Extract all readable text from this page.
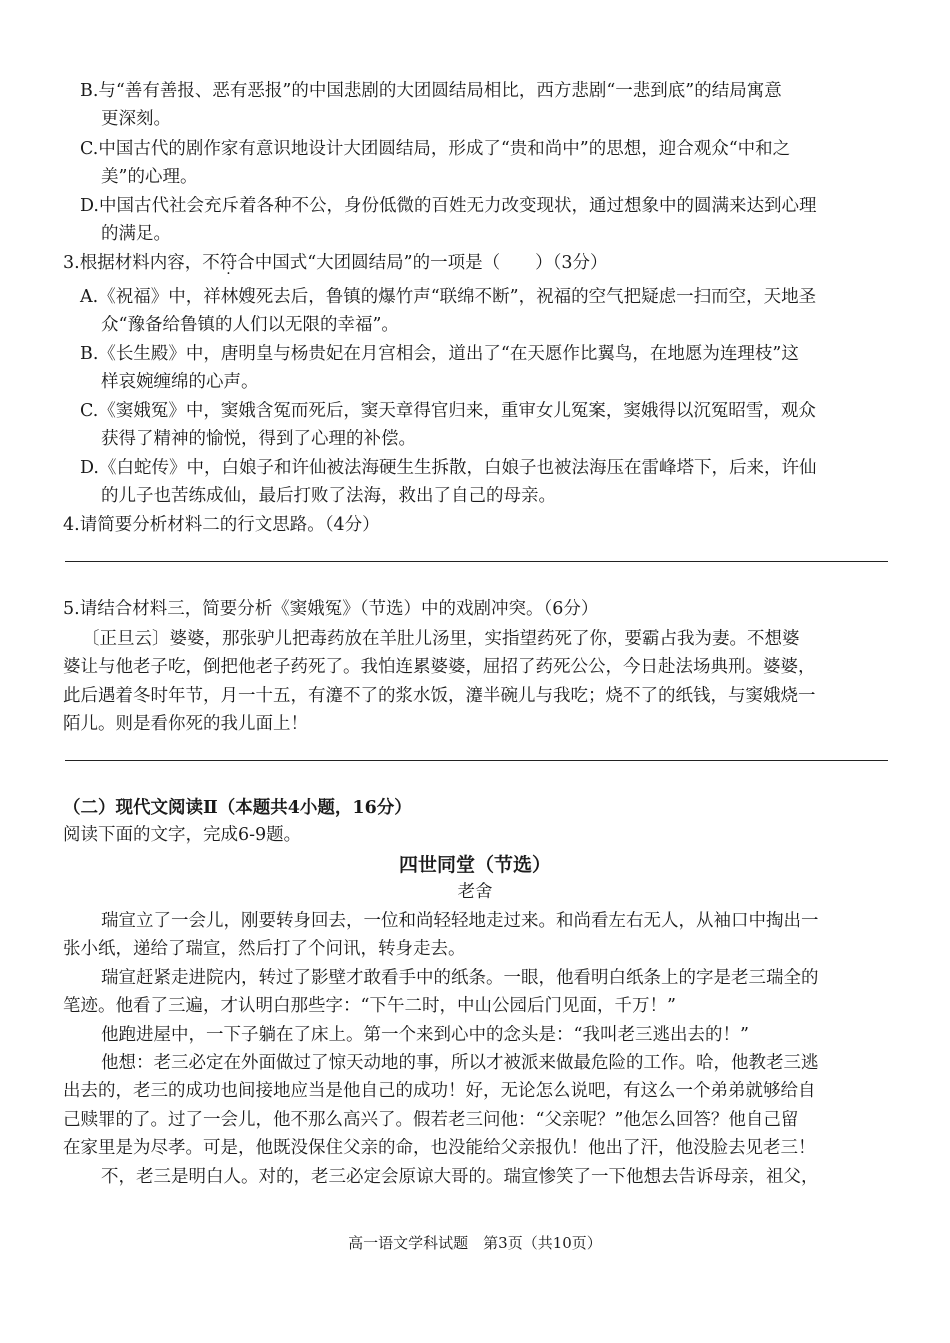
B.与“善有善报、恶有恶报”的中国悲剧的大团圆结局相比，西方悲剧“一悲到底”的结局寓意
更深刻。
C.中国古代的剧作家有意识地设计大团圆结局，形成了“贵和尚中”的思想，迎合观众“中和之
美”的心理。
D.中国古代社会充斥着各种不公，身份低微的百姓无力改变现状，通过想象中的圆满来达到心理
的满足。
3.根据材料内容，不符合中国式“大团圆结局”的一项是（　　）（3分）
A.《祝福》中，祥林嫂死去后，鲁镇的爆竹声“联绵不断”，祝福的空气把疑虑一扫而空，天地圣
众“豫备给鲁镇的人们以无限的幸福”。
B.《长生殿》中，唐明皇与杨贵妃在月宫相会，道出了“在天愿作比翼鸟，在地愿为连理枝”这
样哀婉缠绵的心声。
C.《窦娥冤》中，窦娥含冤而死后，窦天章得官归来，重审女儿冤案，窦娥得以沉冤昭雪，观众
获得了精神的愉悦，得到了心理的补偿。
D.《白蛇传》中，白娘子和许仙被法海硬生生拆散，白娘子也被法海压在雷峰塔下，后来，许仙
的儿子也苦练成仙，最后打败了法海，救出了自己的母亲。
4.请简要分析材料二的行文思路。（4分）
5.请结合材料三，简要分析《窦娥冤》（节选）中的戏剧冲突。（6分）
〔正旦云〕婆婆，那张驴儿把毒药放在羊肚儿汤里，实指望药死了你，要霸占我为妻。不想婆
婆让与他老子吃，倒把他老子药死了。我怕连累婆婆，屈招了药死公公，今日赴法场典刑。婆婆，
此后遇着冬时年节，月一十五，有瀽不了的浆水饭，瀽半碗儿与我吃；烧不了的纸钱，与窦娥烧一
陌儿。则是看你死的我儿面上！
（二）现代文阅读Ⅱ（本题共4小题，16分）
阅读下面的文字，完成6-9题。
四世同堂（节选）
老舍
瑞宣立了一会儿，刚要转身回去，一位和尚轻轻地走过来。和尚看左右无人，从袖口中掏出一
张小纸，递给了瑞宣，然后打了个问讯，转身走去。
瑞宣赶紧走进院内，转过了影壁才敢看手中的纸条。一眼，他看明白纸条上的字是老三瑞全的
笔迹。他看了三遍，才认明白那些字：“下午二时，中山公园后门见面，千万！”
他跑进屋中，一下子躺在了床上。第一个来到心中的念头是：“我叫老三逃出去的！”
他想：老三必定在外面做过了惊天动地的事，所以才被派来做最危险的工作。哈，他教老三逃
出去的，老三的成功也间接地应当是他自己的成功！好，无论怎么说吧，有这么一个弟弟就够给自
己赎罪的了。过了一会儿，他不那么高兴了。假若老三问他：“父亲呢？”他怎么回答？他自己留
在家里是为尽孝。可是，他既没保住父亲的命，也没能给父亲报仇！他出了汗，他没脸去见老三！
不，老三是明白人。对的，老三必定会原谅大哥的。瑞宣惨笑了一下他想去告诉母亲，祖父，
高一语文学科试题　第3页（共10页）
